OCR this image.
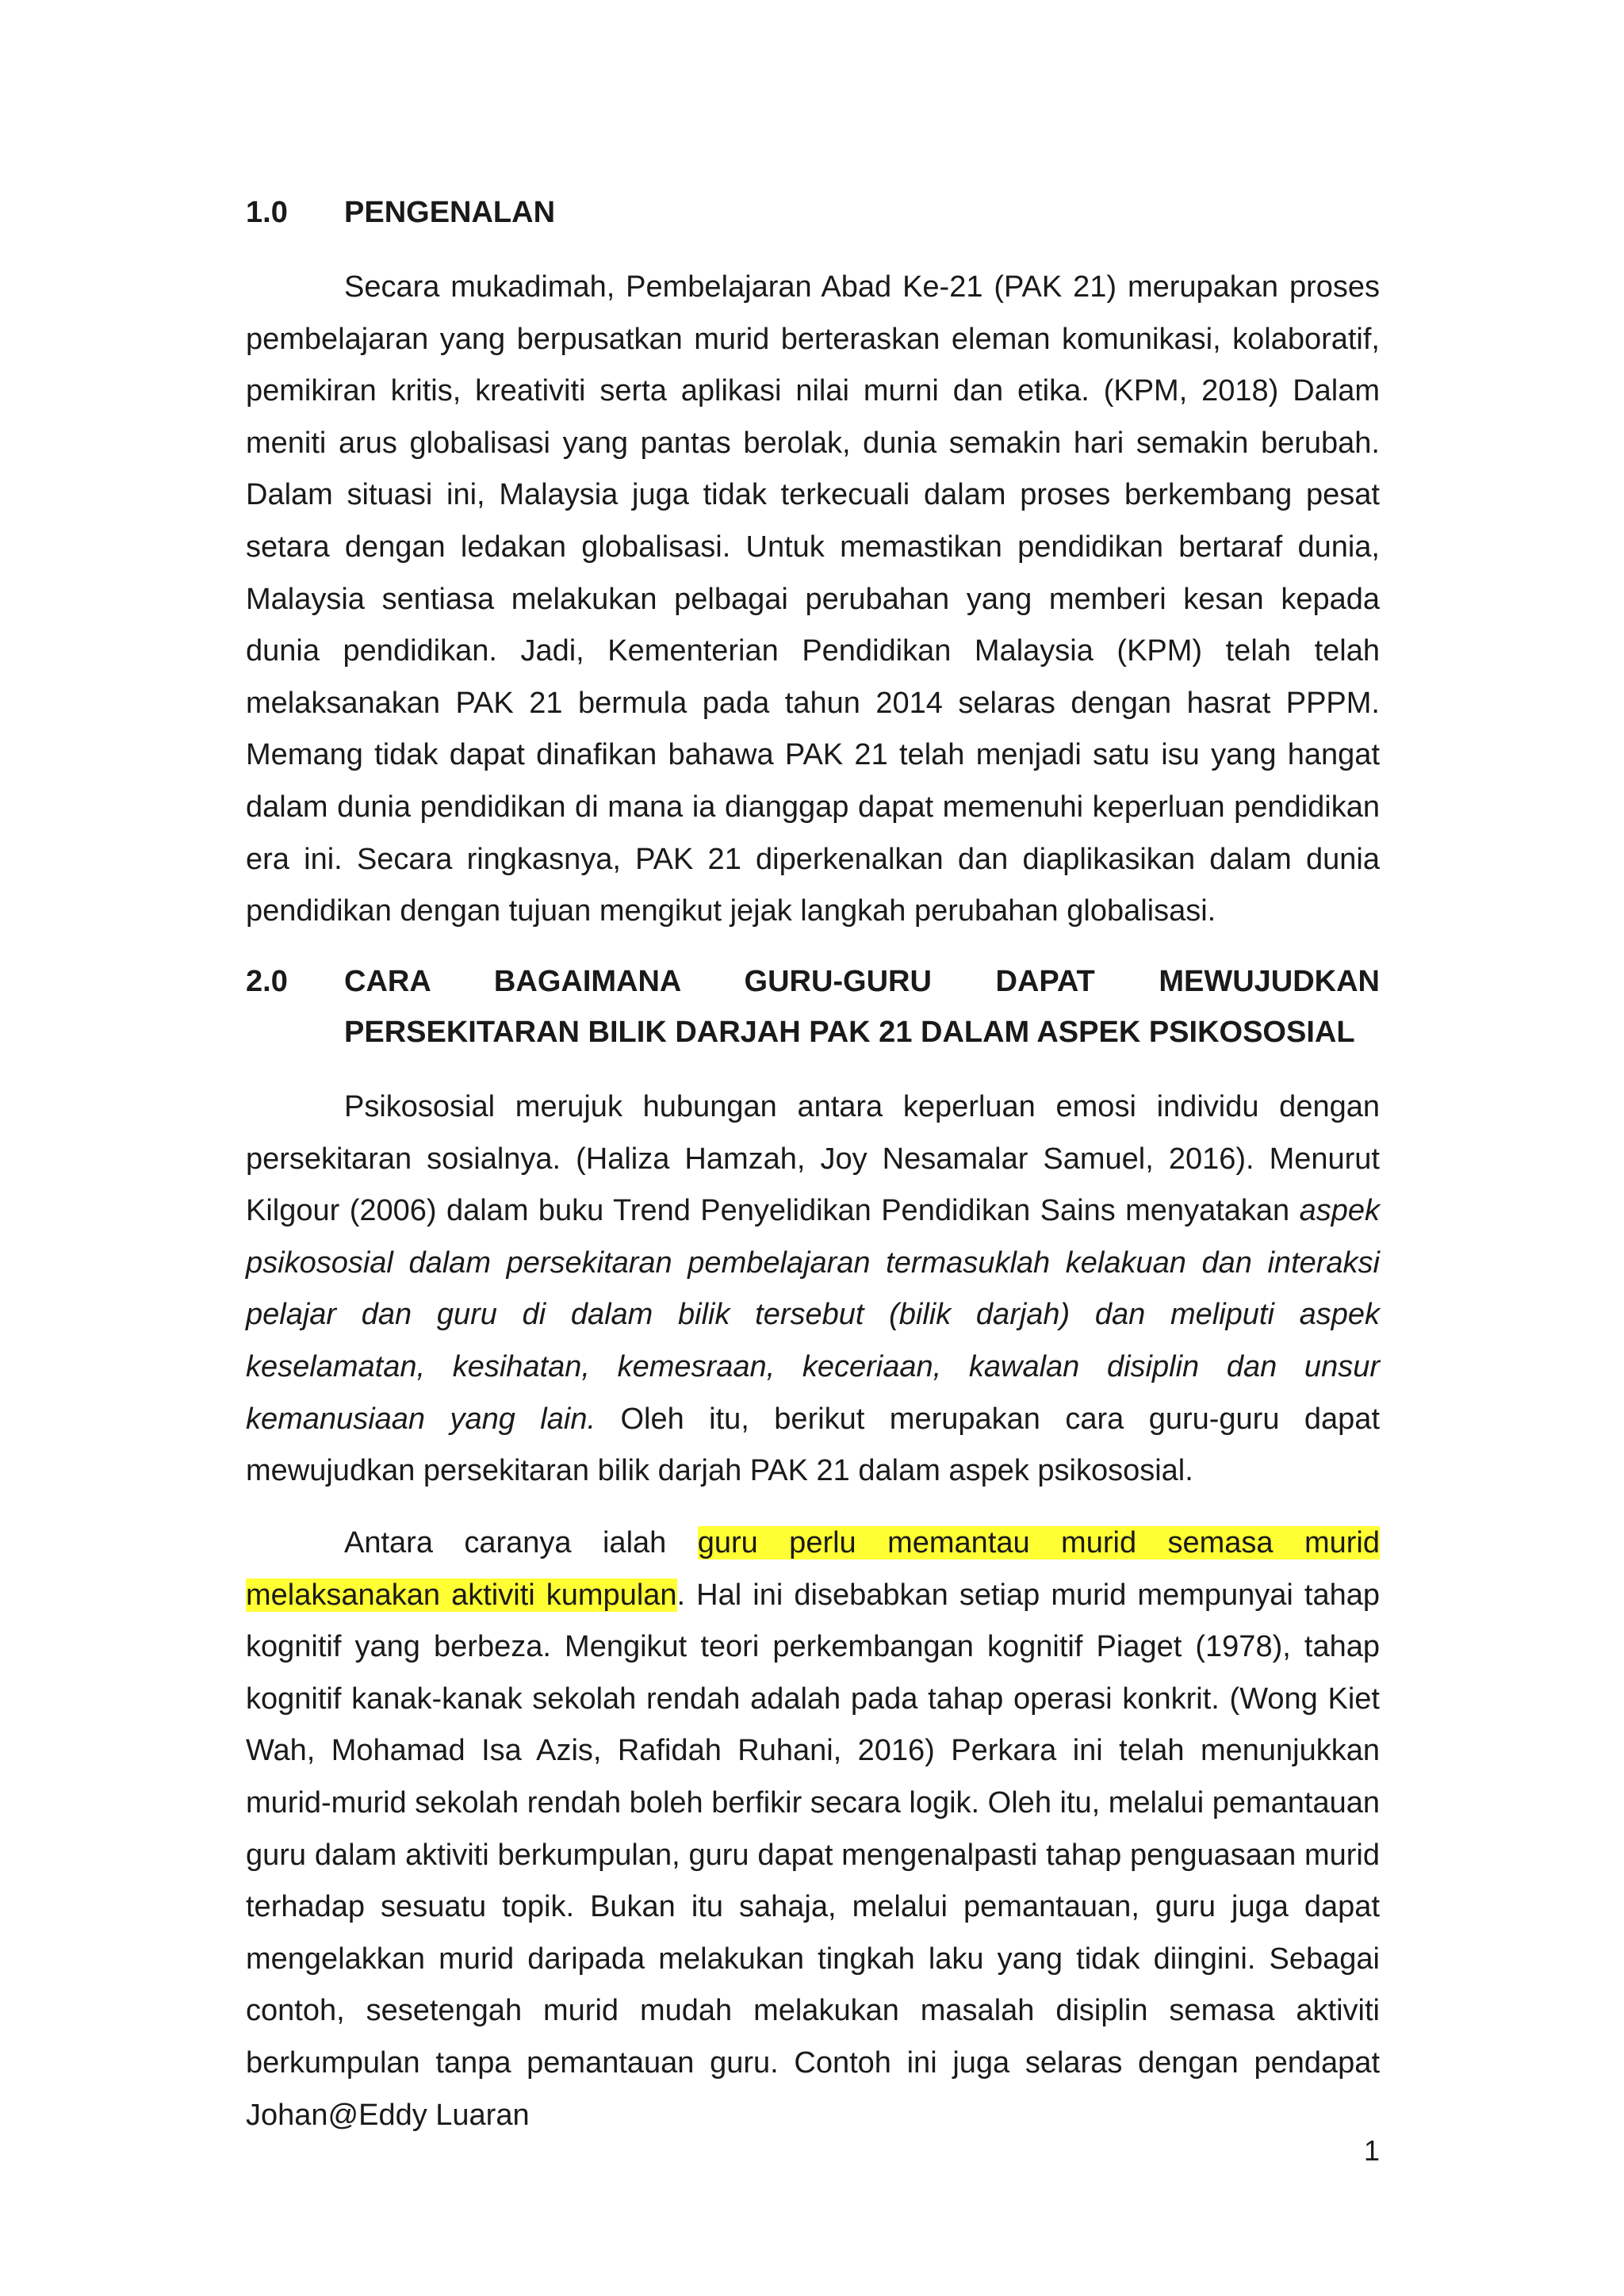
1.0 PENGENALAN

Secara mukadimah, Pembelajaran Abad Ke-21 (PAK 21) merupakan proses pembelajaran yang berpusatkan murid berteraskan eleman komunikasi, kolaboratif, pemikiran kritis, kreativiti serta aplikasi nilai murni dan etika. (KPM, 2018) Dalam meniti arus globalisasi yang pantas berolak, dunia semakin hari semakin berubah. Dalam situasi ini, Malaysia juga tidak terkecuali dalam proses berkembang pesat setara dengan ledakan globalisasi. Untuk memastikan pendidikan bertaraf dunia, Malaysia sentiasa melakukan pelbagai perubahan yang memberi kesan kepada dunia pendidikan. Jadi, Kementerian Pendidikan Malaysia (KPM) telah telah melaksanakan PAK 21 bermula pada tahun 2014 selaras dengan hasrat PPPM. Memang tidak dapat dinafikan bahawa PAK 21 telah menjadi satu isu yang hangat dalam dunia pendidikan di mana ia dianggap dapat memenuhi keperluan pendidikan era ini. Secara ringkasnya, PAK 21 diperkenalkan dan diaplikasikan dalam dunia pendidikan dengan tujuan mengikut jejak langkah perubahan globalisasi.

2.0 CARA BAGAIMANA GURU-GURU DAPAT MEWUJUDKAN
PERSEKITARAN BILIK DARJAH PAK 21 DALAM ASPEK PSIKOSOSIAL

Psikososial merujuk hubungan antara keperluan emosi individu dengan persekitaran sosialnya. (Haliza Hamzah, Joy Nesamalar Samuel, 2016). Menurut Kilgour (2006) dalam buku Trend Penyelidikan Pendidikan Sains menyatakan aspek psikososial dalam persekitaran pembelajaran termasuklah kelakuan dan interaksi pelajar dan guru di dalam bilik tersebut (bilik darjah) dan meliputi aspek keselamatan, kesihatan, kemesraan, keceriaan, kawalan disiplin dan unsur kemanusiaan yang lain. Oleh itu, berikut merupakan cara guru-guru dapat mewujudkan persekitaran bilik darjah PAK 21 dalam aspek psikososial.

Antara caranya ialah guru perlu memantau murid semasa murid melaksanakan aktiviti kumpulan. Hal ini disebabkan setiap murid mempunyai tahap kognitif yang berbeza. Mengikut teori perkembangan kognitif Piaget (1978), tahap kognitif kanak-kanak sekolah rendah adalah pada tahap operasi konkrit. (Wong Kiet Wah, Mohamad Isa Azis, Rafidah Ruhani, 2016) Perkara ini telah menunjukkan murid-murid sekolah rendah boleh berfikir secara logik. Oleh itu, melalui pemantauan guru dalam aktiviti berkumpulan, guru dapat mengenalpasti tahap penguasaan murid terhadap sesuatu topik. Bukan itu sahaja, melalui pemantauan, guru juga dapat mengelakkan murid daripada melakukan tingkah laku yang tidak diingini. Sebagai contoh, sesetengah murid mudah melakukan masalah disiplin semasa aktiviti berkumpulan tanpa pemantauan guru. Contoh ini juga selaras dengan pendapat Johan@Eddy Luaran

1
